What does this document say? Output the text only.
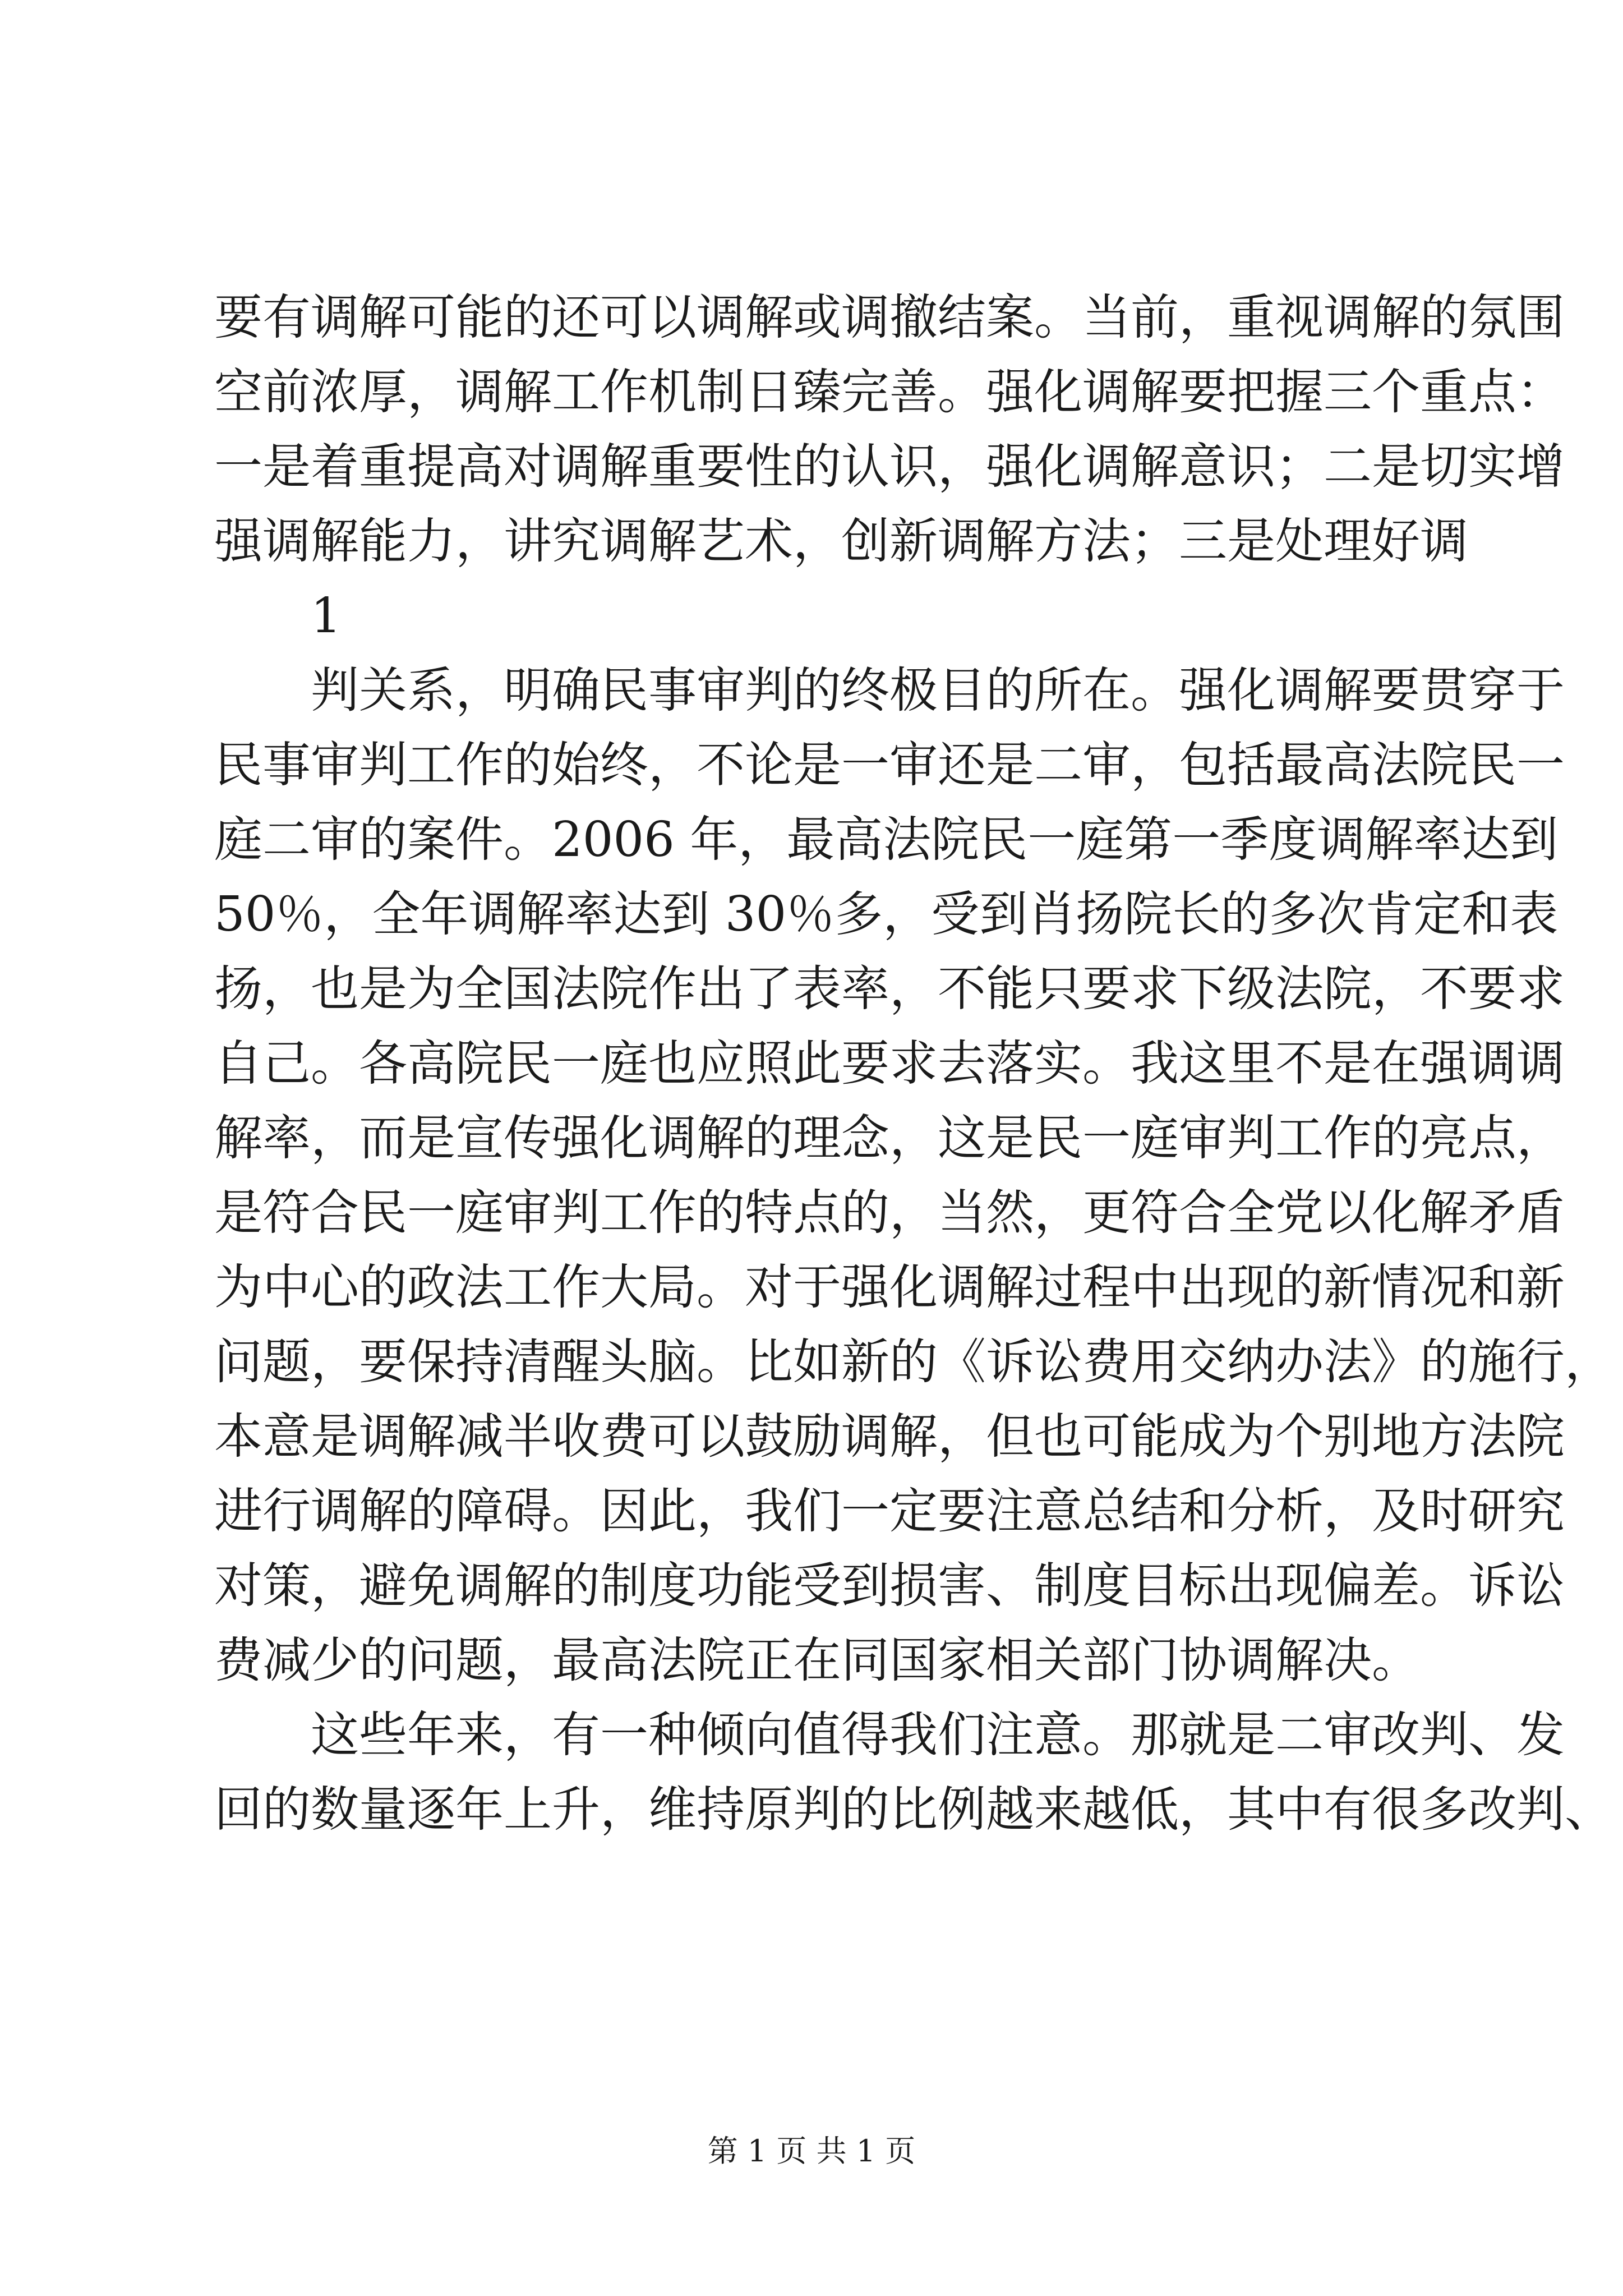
要有调解可能的还可以调解或调撤结案。当前，重视调解的氛围
空前浓厚，调解工作机制日臻完善。强化调解要把握三个重点：
一是着重提高对调解重要性的认识，强化调解意识；二是切实增
强调解能力，讲究调解艺术，创新调解方法；三是处理好调
1
判关系，明确民事审判的终极目的所在。强化调解要贯穿于
民事审判工作的始终，不论是一审还是二审，包括最高法院民一
庭二审的案件。2006 年，最高法院民一庭第一季度调解率达到
50％，全年调解率达到 30％多，受到肖扬院长的多次肯定和表
扬，也是为全国法院作出了表率，不能只要求下级法院，不要求
自己。各高院民一庭也应照此要求去落实。我这里不是在强调调
解率，而是宣传强化调解的理念，这是民一庭审判工作的亮点，
是符合民一庭审判工作的特点的，当然，更符合全党以化解矛盾
为中心的政法工作大局。对于强化调解过程中出现的新情况和新
问题，要保持清醒头脑。比如新的《诉讼费用交纳办法》的施行，
本意是调解减半收费可以鼓励调解，但也可能成为个别地方法院
进行调解的障碍。因此，我们一定要注意总结和分析，及时研究
对策，避免调解的制度功能受到损害、制度目标出现偏差。诉讼
费减少的问题，最高法院正在同国家相关部门协调解决。
这些年来，有一种倾向值得我们注意。那就是二审改判、发
回的数量逐年上升，维持原判的比例越来越低，其中有很多改判、
第 1 页 共 1 页
